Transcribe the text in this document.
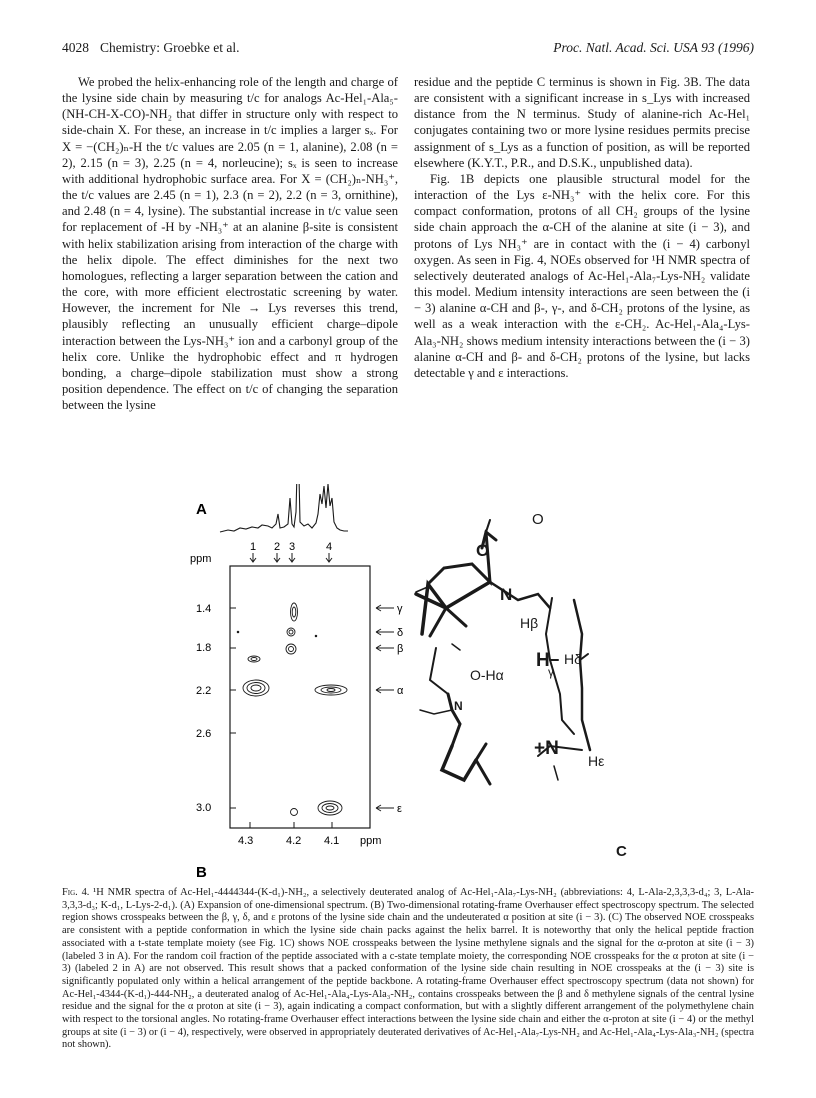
4028 Chemistry: Groebke et al.	Proc. Natl. Acad. Sci. USA 93 (1996)

We probed the helix-enhancing role of the length and charge of the lysine side chain by measuring t/c for analogs Ac-Hel₁-Ala₅-(NH-CH-X-CO)-NH₂ that differ in structure only with respect to side-chain X. For these, an increase in t/c implies a larger sₓ. For X = −(CH₂)ₙ-H the t/c values are 2.05 (n = 1, alanine), 2.08 (n = 2), 2.15 (n = 3), 2.25 (n = 4, norleucine); sₓ is seen to increase with additional hydrophobic surface area. For X = (CH₂)ₙ-NH₃⁺, the t/c values are 2.45 (n = 1), 2.3 (n = 2), 2.2 (n = 3, ornithine), and 2.48 (n = 4, lysine). The substantial increase in t/c value seen for replacement of -H by -NH₃⁺ at an alanine β-site is consistent with helix stabilization arising from interaction of the charge with the helix dipole. The effect diminishes for the next two homologues, reflecting a larger separation between the cation and the core, with more efficient electrostatic screening by water. However, the increment for Nle → Lys reverses this trend, plausibly reflecting an unusually efficient charge–dipole interaction between the Lys-NH₃⁺ ion and a carbonyl group of the helix core. Unlike the hydrophobic effect and π hydrogen bonding, a charge–dipole stabilization must show a strong position dependence. The effect on t/c of changing the separation between the lysine

residue and the peptide C terminus is shown in Fig. 3B. The data are consistent with a significant increase in s_Lys with increased distance from the N terminus. Study of alanine-rich Ac-Hel₁ conjugates containing two or more lysine residues permits precise assignment of s_Lys as a function of position, as will be reported elsewhere (K.Y.T., P.R., and D.S.K., unpublished data).

Fig. 1B depicts one plausible structural model for the interaction of the Lys ε-NH₃⁺ with the helix core. For this compact conformation, protons of all CH₂ groups of the lysine side chain approach the α-CH of the alanine at site (i − 3), and protons of Lys NH₃⁺ are in contact with the (i − 4) carbonyl oxygen. As seen in Fig. 4, NOEs observed for ¹H NMR spectra of selectively deuterated analogs of Ac-Hel₁-Ala₇-Lys-NH₂ validate this model. Medium intensity interactions are seen between the (i − 3) alanine α-CH and β-, γ-, and δ-CH₂ protons of the lysine, as well as a weak interaction with the ε-CH₂. Ac-Hel₁-Ala₄-Lys-Ala₃-NH₂ shows medium intensity interactions between the (i − 3) alanine α-CH and β- and δ-CH₂ protons of the lysine, but lacks detectable γ and ε interactions.

A
1 2 3	4
ppm
1.4
1.8
2.2
2.6
3.0
4.3	4.2 4.1 ppm
B
γ
δ
β
α
ε
O
O
N
Hβ
H
γ
Hδ
O-Hα
N
+N
Hε
C
Fig. 4. ¹H NMR spectra of Ac-Hel₁-4444344-(K-d₁)-NH₂, a selectively deuterated analog of Ac-Hel₁-Ala₇-Lys-NH₂ (abbreviations: 4, L-Ala-2,3,3,3-d₄; 3, L-Ala-3,3,3-d₃; K-d₁, L-Lys-2-d₁). (A) Expansion of one-dimensional spectrum. (B) Two-dimensional rotating-frame Overhauser effect spectroscopy spectrum. The selected region shows crosspeaks between the β, γ, δ, and ε protons of the lysine side chain and the undeuterated α position at site (i − 3). (C) The observed NOE crosspeaks are consistent with a peptide conformation in which the lysine side chain packs against the helix barrel. It is noteworthy that only the helical peptide fraction associated with a t-state template moiety (see Fig. 1C) shows NOE crosspeaks between the lysine methylene signals and the signal for the α-proton at site (i − 3) (labeled 3 in A). For the random coil fraction of the peptide associated with a c-state template moiety, the corresponding NOE crosspeaks for the α proton at site (i − 3) (labeled 2 in A) are not observed. This result shows that a packed conformation of the lysine side chain resulting in NOE crosspeaks at the (i − 3) site is significantly populated only within a helical arrangement of the peptide backbone. A rotating-frame Overhauser effect spectroscopy spectrum (data not shown) for Ac-Hel₁-4344-(K-d₁)-444-NH₂, a deuterated analog of Ac-Hel₁-Ala₄-Lys-Ala₃-NH₂, contains crosspeaks between the β and δ methylene signals of the central lysine residue and the signal for the α proton at site (i − 3), again indicating a compact conformation, but with a slightly different arrangement of the polymethylene chain with respect to the torsional angles. No rotating-frame Overhauser effect interactions between the lysine side chain and either the α-proton at site (i − 4) or the methyl groups at site (i − 3) or (i − 4), respectively, were observed in appropriately deuterated derivatives of Ac-Hel₁-Ala₇-Lys-NH₂ and Ac-Hel₁-Ala₄-Lys-Ala₃-NH₂ (spectra not shown).
